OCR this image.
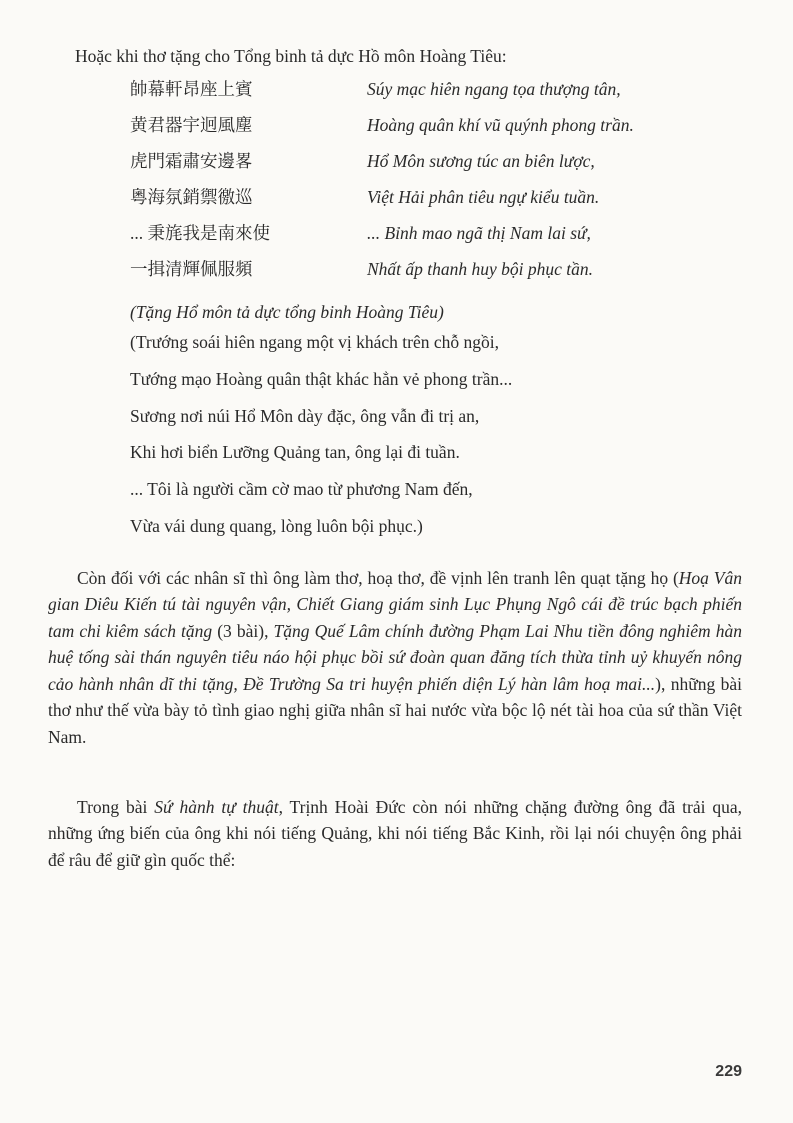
Hoặc khi thơ tặng cho Tổng binh tả dực Hồ môn Hoàng Tiêu:
帥幕軒昂座上賓	Súy mạc hiên ngang tọa thượng tân,
黄君器宇迥風塵	Hoàng quân khí vũ quýnh phong trần.
虎門霜肅安邊畧	Hổ Môn sương túc an biên lược,
粵海氛銷禦徼巡	Việt Hải phân tiêu ngự kiểu tuần.
... 秉旄我是南來使	... Bỉnh mao ngã thị Nam lai sứ,
一揖清輝佩服頻	Nhất ấp thanh huy bội phục tần.
(Tặng Hổ môn tả dực tổng binh Hoàng Tiêu)
(Trướng soái hiên ngang một vị khách trên chỗ ngồi,
Tướng mạo Hoàng quân thật khác hẳn vẻ phong trần...
Sương nơi núi Hổ Môn dày đặc, ông vẫn đi trị an,
Khi hơi biển Lưỡng Quảng tan, ông lại đi tuần.
... Tôi là người cầm cờ mao từ phương Nam đến,
Vừa vái dung quang, lòng luôn bội phục.)

Còn đối với các nhân sĩ thì ông làm thơ, hoạ thơ, đề vịnh lên tranh lên quạt tặng họ (Hoạ Vân gian Diêu Kiến tú tài nguyên vận, Chiết Giang giám sinh Lục Phụng Ngô cái đề trúc bạch phiến tam chi kiêm sách tặng (3 bài), Tặng Quế Lâm chính đường Phạm Lai Nhu tiền đông nghiêm hàn huệ tống sài thán nguyên tiêu náo hội phục bồi sứ đoàn quan đăng tích thừa tỉnh uỷ khuyến nông cảo hành nhân dĩ thi tặng, Đề Trường Sa tri huyện phiến diện Lý hàn lâm hoạ mai...), những bài thơ như thế vừa bày tỏ tình giao nghị giữa nhân sĩ hai nước vừa bộc lộ nét tài hoa của sứ thần Việt Nam.

Trong bài Sứ hành tự thuật, Trịnh Hoài Đức còn nói những chặng đường ông đã trải qua, những ứng biến của ông khi nói tiếng Quảng, khi nói tiếng Bắc Kinh, rồi lại nói chuyện ông phải để râu để giữ gìn quốc thể:

229
